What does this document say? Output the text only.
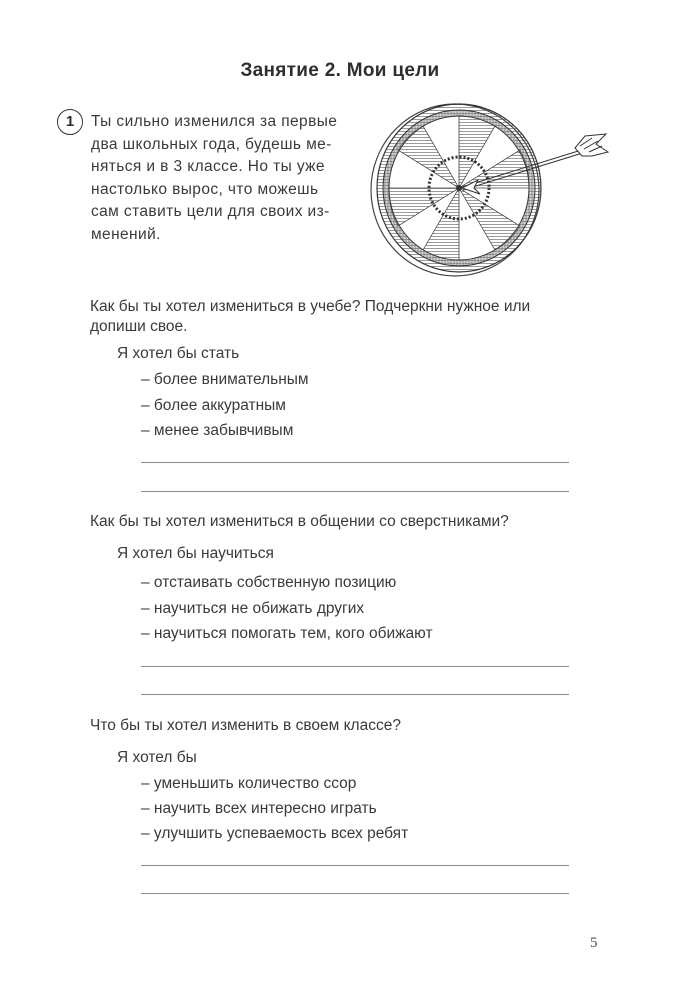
Занятие 2. Мои цели
1	Ты сильно изменился за первые
два школьных года, будешь ме-
няться и в 3 классе. Но ты уже
настолько вырос, что можешь
сам ставить цели для своих из-
менений.
Как бы ты хотел измениться в учебе? Подчеркни нужное или
допиши свое.
Я хотел бы стать
– более внимательным
– более аккуратным
– менее забывчивым
Как бы ты хотел измениться в общении со сверстниками?
Я хотел бы научиться
– отстаивать собственную позицию
– научиться не обижать других
– научиться помогать тем, кого обижают
Что бы ты хотел изменить в своем классе?
Я хотел бы
– уменьшить количество ссор
– научить всех интересно играть
– улучшить успеваемость всех ребят
5
